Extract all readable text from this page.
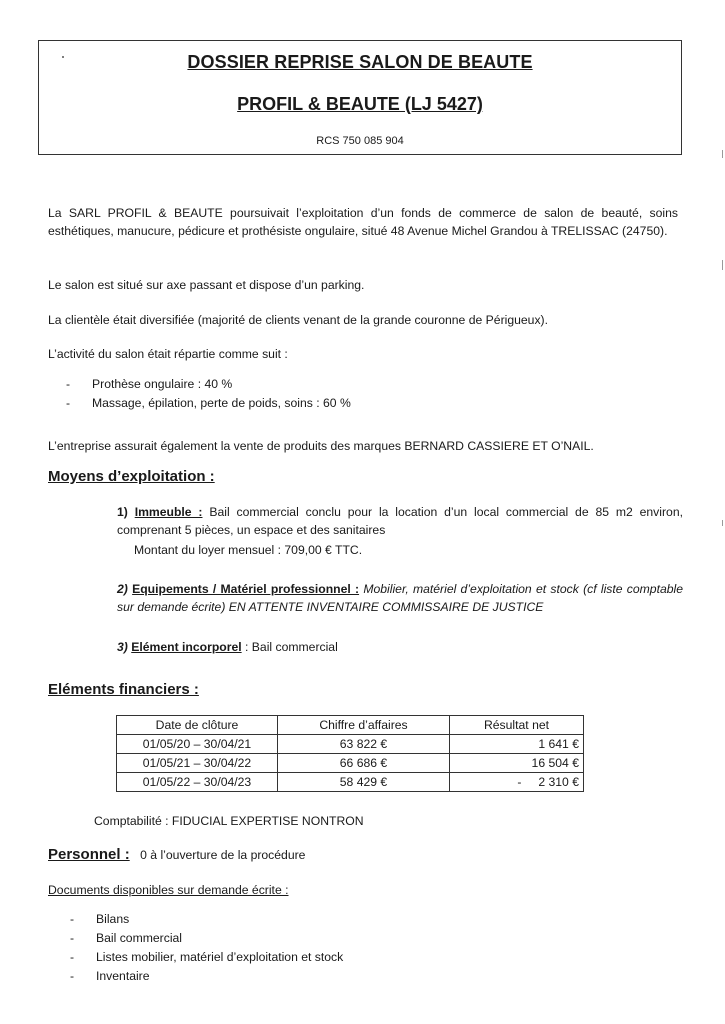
DOSSIER REPRISE SALON DE BEAUTE
PROFIL & BEAUTE (LJ 5427)
RCS 750 085 904
La SARL PROFIL & BEAUTE poursuivait l’exploitation d’un fonds de commerce de salon de beauté, soins esthétiques, manucure, pédicure et prothésiste ongulaire, situé 48 Avenue Michel Grandou à TRELISSAC (24750).
Le salon est situé sur axe passant et dispose d’un parking.
La clientèle était diversifiée (majorité de clients venant de la grande couronne de Périgueux).
L’activité du salon était répartie comme suit :
- Prothèse ongulaire : 40 %
- Massage, épilation, perte de poids, soins : 60 %
L’entreprise assurait également la vente de produits des marques BERNARD CASSIERE ET O’NAIL.
Moyens d’exploitation :
1) Immeuble : Bail commercial conclu pour la location d’un local commercial de 85 m2 environ, comprenant 5 pièces, un espace et des sanitaires
Montant du loyer mensuel : 709,00 € TTC.
2) Equipements / Matériel professionnel : Mobilier, matériel d’exploitation et stock (cf liste comptable sur demande écrite) EN ATTENTE INVENTAIRE COMMISSAIRE DE JUSTICE
3) Elément incorporel : Bail commercial
Eléments financiers :
Date de clôture	Chiffre d’affaires	Résultat net
01/05/20 – 30/04/21	63 822 €	1 641 €
01/05/21 – 30/04/22	66 686 €	16 504 €
01/05/22 – 30/04/23	58 429 €	-     2 310 €
Comptabilité : FIDUCIAL EXPERTISE NONTRON
Personnel : 0 à l’ouverture de la procédure
Documents disponibles sur demande écrite :
- Bilans
- Bail commercial
- Listes mobilier, matériel d’exploitation et stock
- Inventaire
